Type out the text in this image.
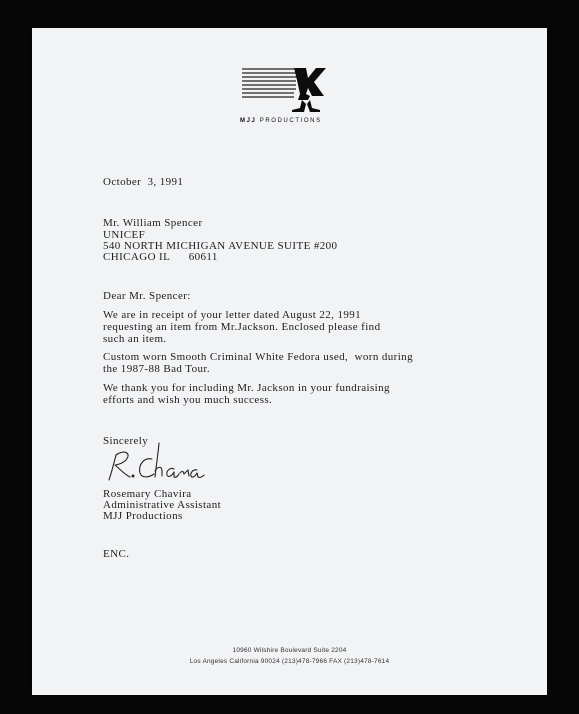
MJJ PRODUCTIONS
October  3, 1991
Mr. William Spencer
UNICEF
540 NORTH MICHIGAN AVENUE SUITE #200
CHICAGO IL      60611
Dear Mr. Spencer:
We are in receipt of your letter dated August 22, 1991
requesting an item from Mr.Jackson. Enclosed please find
such an item.
Custom worn Smooth Criminal White Fedora used,  worn during
the 1987-88 Bad Tour.
We thank you for including Mr. Jackson in your fundraising
efforts and wish you much success.
Sincerely
Rosemary Chavira
Administrative Assistant
MJJ Productions
ENC.
10960 Wilshire Boulevard Suite 2204
Los Angeles California 90024 (213)478-7966 FAX (213)478-7614
